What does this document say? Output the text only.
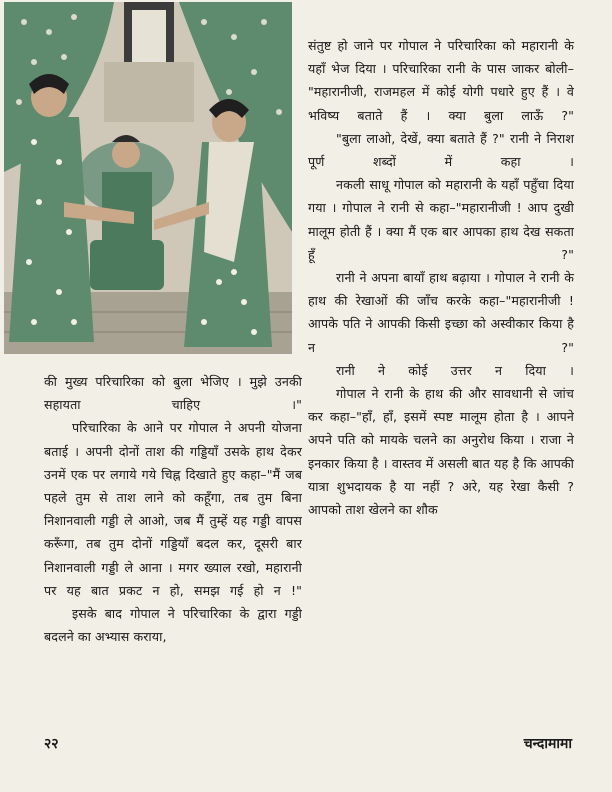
संतुष्ट हो जाने पर गोपाल ने परिचारिका को महारानी के यहाँ भेज दिया । परिचारिका रानी के पास जाकर बोली– "महारानीजी, राजमहल में कोई योगी पधारे हुए हैं । वे भविष्य बताते हैं । क्या बुला लाऊँ ?"

"बुला लाओ, देखें, क्या बताते हैं ?" रानी ने निराश पूर्ण शब्दों में कहा ।

नकली साधू गोपाल को महारानी के यहाँ पहुँचा दिया गया । गोपाल ने रानी से कहा–"महारानीजी ! आप दुखी मालूम होती हैं । क्या मैं एक बार आपका हाथ देख सकता हूँ ?"

रानी ने अपना बायाँ हाथ बढ़ाया । गोपाल ने रानी के हाथ की रेखाओं की जाँच करके कहा–"महारानीजी ! आपके पति ने आपकी किसी इच्छा को अस्वीकार किया है न ?"

रानी ने कोई उत्तर न दिया ।

गोपाल ने रानी के हाथ की और सावधानी से जांच कर कहा–"हाँ, हाँ, इसमें स्पष्ट मालूम होता है । आपने अपने पति को मायके चलने का अनुरोध किया । राजा ने इनकार किया है । वास्तव में असली बात यह है कि आपकी यात्रा शुभदायक है या नहीं ? अरे, यह रेखा कैसी ? आपको ताश खेलने का शौक

की मुख्य परिचारिका को बुला भेजिए । मुझे उनकी सहायता चाहिए ।"

परिचारिका के आने पर गोपाल ने अपनी योजना बताई । अपनी दोनों ताश की गड्डियाँ उसके हाथ देकर उनमें एक पर लगाये गये चिह्न दिखाते हुए कहा–"मैं जब पहले तुम से ताश लाने को कहूँगा, तब तुम बिना निशानवाली गड्डी ले आओ, जब मैं तुम्हें यह गड्डी वापस करूँगा, तब तुम दोनों गड्डियाँ बदल कर, दूसरी बार निशानवाली गड्डी ले आना । मगर ख्याल रखो, महारानी पर यह बात प्रकट न हो, समझ गई हो न !"

इसके बाद गोपाल ने परिचारिका के द्वारा गड्डी बदलने का अभ्यास कराया,

२२	चन्दामामा
